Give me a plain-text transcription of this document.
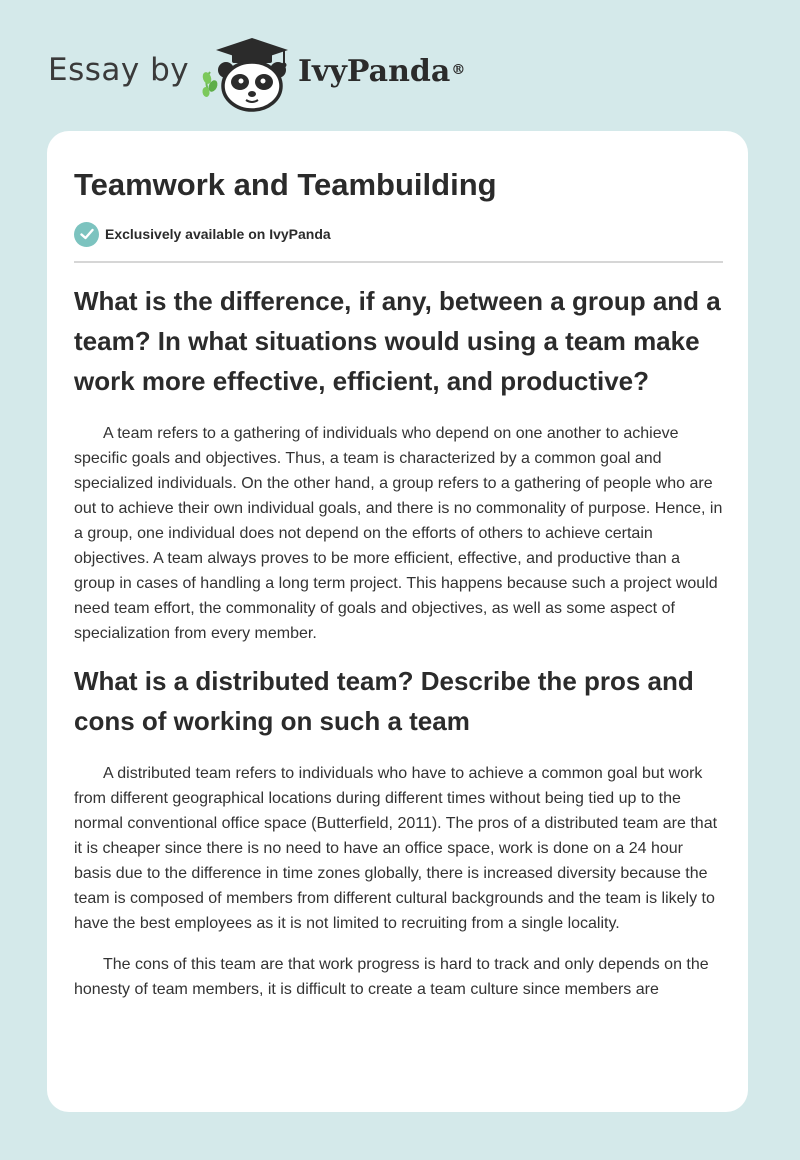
Essay by	IvyPanda®
Teamwork and Teambuilding
Exclusively available on IvyPanda
What is the difference, if any, between a group and a team? In what situations would using a team make work more effective, efficient, and productive?

A team refers to a gathering of individuals who depend on one another to achieve specific goals and objectives. Thus, a team is characterized by a common goal and specialized individuals. On the other hand, a group refers to a gathering of people who are out to achieve their own individual goals, and there is no commonality of purpose. Hence, in a group, one individual does not depend on the efforts of others to achieve certain objectives. A team always proves to be more efficient, effective, and productive than a group in cases of handling a long term project. This happens because such a project would need team effort, the commonality of goals and objectives, as well as some aspect of specialization from every member.

What is a distributed team? Describe the pros and cons of working on such a team

A distributed team refers to individuals who have to achieve a common goal but work from different geographical locations during different times without being tied up to the normal conventional office space (Butterfield, 2011). The pros of a distributed team are that it is cheaper since there is no need to have an office space, work is done on a 24 hour basis due to the difference in time zones globally, there is increased diversity because the team is composed of members from different cultural backgrounds and the team is likely to have the best employees as it is not limited to recruiting from a single locality.

The cons of this team are that work progress is hard to track and only depends on the honesty of team members, it is difficult to create a team culture since members are
